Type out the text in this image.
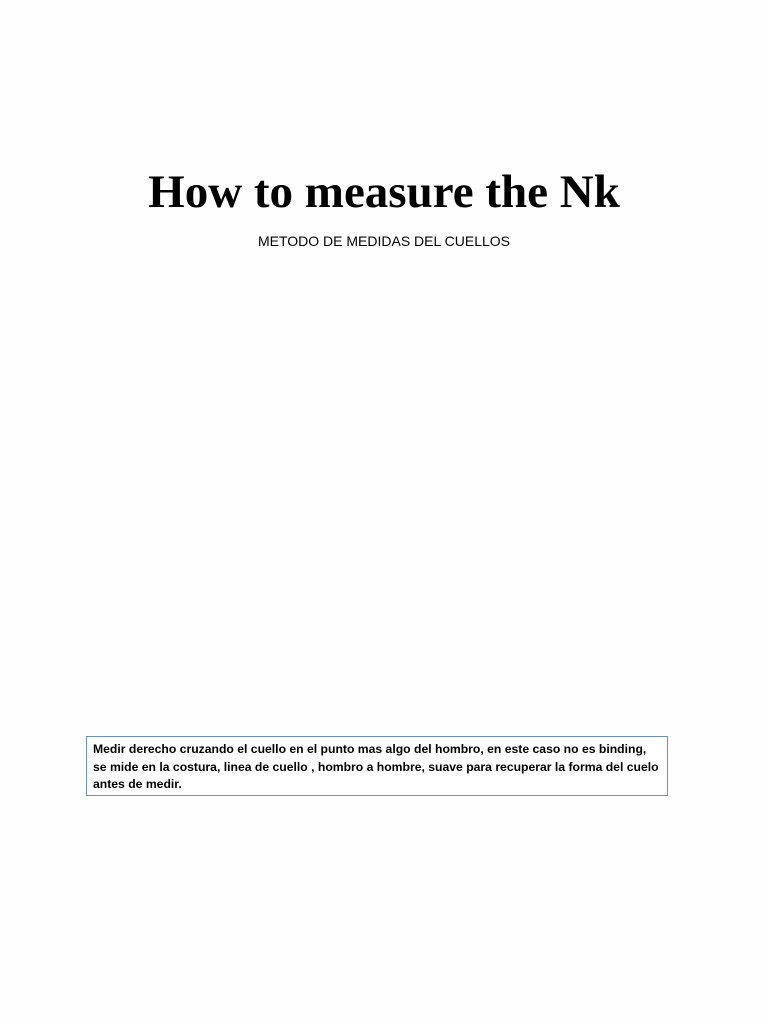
How to measure the Nk

METODO DE MEDIDAS DEL CUELLOS

Medir derecho cruzando el cuello en el punto mas algo del hombro, en este caso no es binding, se mide en la costura, linea de cuello , hombro a hombre, suave para recuperar la forma del cuelo antes de medir.
